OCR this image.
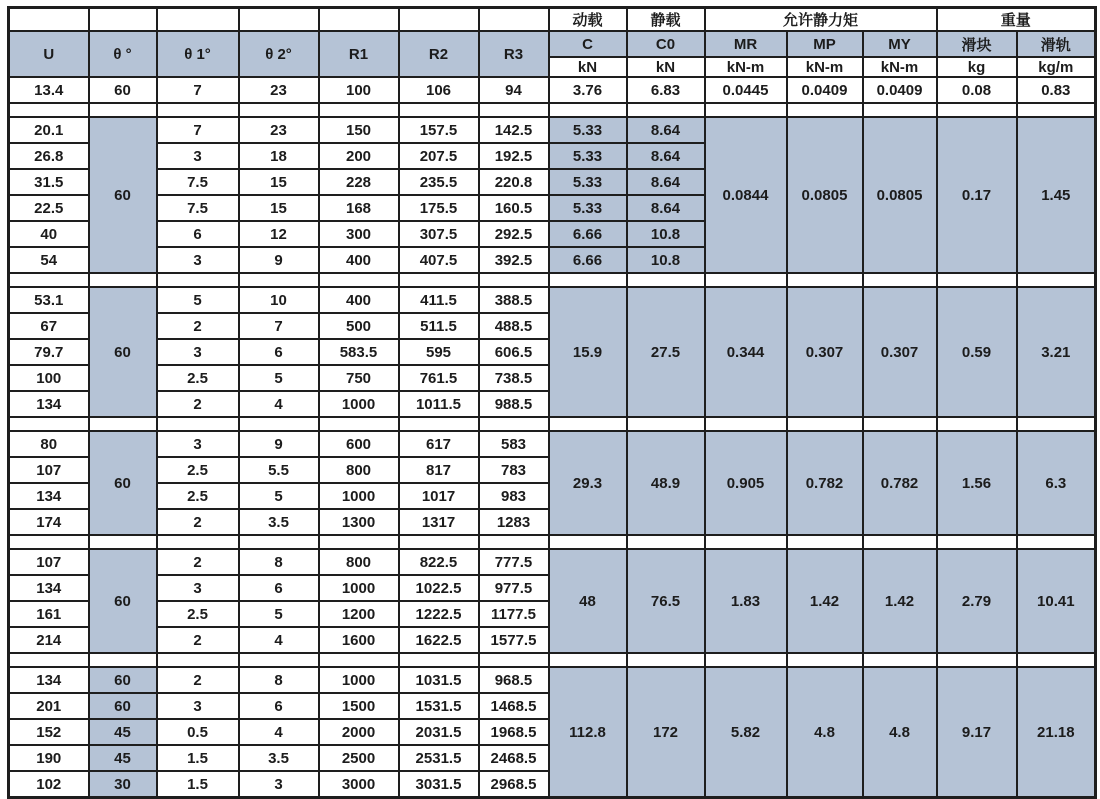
							动载	静载	允许静力矩			重量	
U	θ °	θ 1°	θ 2°	R1	R2	R3	C	C0	MR	MP	MY	滑块	滑轨
							kN	kN	kN-m	kN-m	kN-m	kg	kg/m
13.4	60	7	23	100	106	94	3.76	6.83	0.0445	0.0409	0.0409	0.08	0.83

20.1	60	7	23	150	157.5	142.5	5.33	8.64	0.0844	0.0805	0.0805	0.17	1.45
26.8		3	18	200	207.5	192.5	5.33	8.64					
31.5		7.5	15	228	235.5	220.8	5.33	8.64					
22.5		7.5	15	168	175.5	160.5	5.33	8.64					
40		6	12	300	307.5	292.5	6.66	10.8					
54		3	9	400	407.5	392.5	6.66	10.8					

53.1	60	5	10	400	411.5	388.5	15.9	27.5	0.344	0.307	0.307	0.59	3.21
67		2	7	500	511.5	488.5							
79.7		3	6	583.5	595	606.5							
100		2.5	5	750	761.5	738.5							
134		2	4	1000	1011.5	988.5							

80	60	3	9	600	617	583	29.3	48.9	0.905	0.782	0.782	1.56	6.3
107		2.5	5.5	800	817	783							
134		2.5	5	1000	1017	983							
174		2	3.5	1300	1317	1283							

107	60	2	8	800	822.5	777.5	48	76.5	1.83	1.42	1.42	2.79	10.41
134		3	6	1000	1022.5	977.5							
161		2.5	5	1200	1222.5	1177.5							
214		2	4	1600	1622.5	1577.5							

134	60	2	8	1000	1031.5	968.5	112.8	172	5.82	4.8	4.8	9.17	21.18
201	60	3	6	1500	1531.5	1468.5							
152	45	0.5	4	2000	2031.5	1968.5							
190	45	1.5	3.5	2500	2531.5	2468.5							
102	30	1.5	3	3000	3031.5	2968.5							
